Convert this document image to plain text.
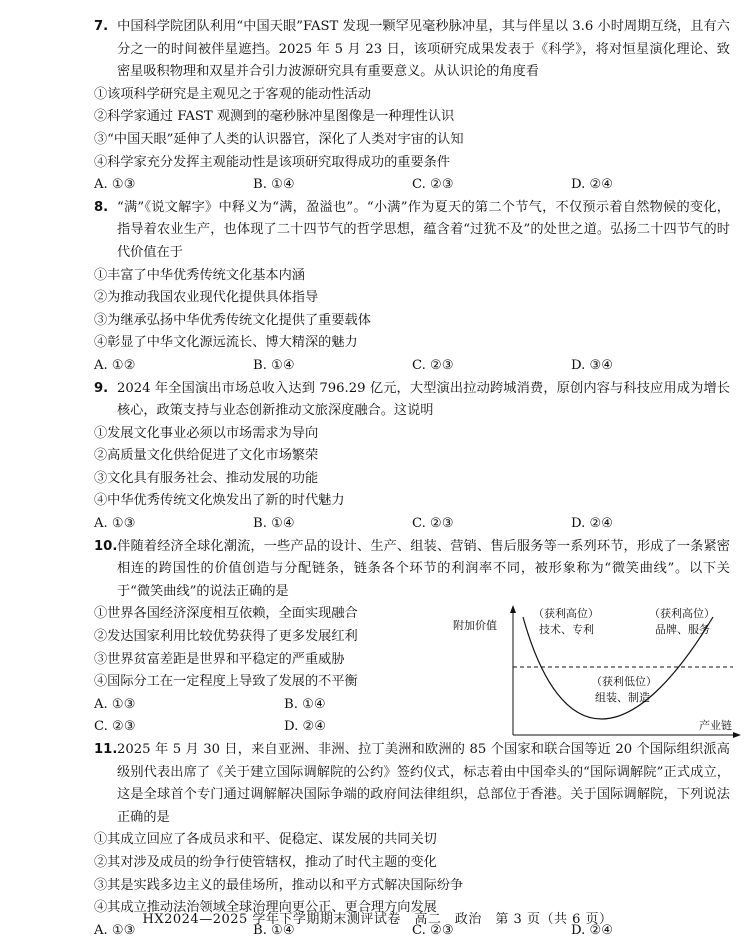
7. 中国科学院团队利用“中国天眼”FAST 发现一颗罕见毫秒脉冲星，其与伴星以 3.6 小时周期互绕，且有六分之一的时间被伴星遮挡。2025 年 5 月 23 日，该项研究成果发表于《科学》，将对恒星演化理论、致密星吸积物理和双星并合引力波源研究具有重要意义。从认识论的角度看
①该项科学研究是主观见之于客观的能动性活动
②科学家通过 FAST 观测到的毫秒脉冲星图像是一种理性认识
③“中国天眼”延伸了人类的认识器官，深化了人类对宇宙的认知
④科学家充分发挥主观能动性是该项研究取得成功的重要条件
A. ①③	B. ①④	C. ②③	D. ②④
8. “满”《说文解字》中释义为“满，盈溢也”。“小满”作为夏天的第二个节气，不仅预示着自然物候的变化，指导着农业生产，也体现了二十四节气的哲学思想，蕴含着“过犹不及”的处世之道。弘扬二十四节气的时代价值在于
①丰富了中华优秀传统文化基本内涵
②为推动我国农业现代化提供具体指导
③为继承弘扬中华优秀传统文化提供了重要载体
④彰显了中华文化源远流长、博大精深的魅力
A. ①②	B. ①④	C. ②③	D. ③④
9. 2024 年全国演出市场总收入达到 796.29 亿元，大型演出拉动跨城消费，原创内容与科技应用成为增长核心，政策支持与业态创新推动文旅深度融合。这说明
①发展文化事业必须以市场需求为导向
②高质量文化供给促进了文化市场繁荣
③文化具有服务社会、推动发展的功能
④中华优秀传统文化焕发出了新的时代魅力
A. ①③	B. ①④	C. ②③	D. ②④
10.伴随着经济全球化潮流，一些产品的设计、生产、组装、营销、售后服务等一系列环节，形成了一条紧密相连的跨国性的价值创造与分配链条，链条各个环节的利润率不同，被形象称为“微笑曲线”。以下关于“微笑曲线”的说法正确的是
①世界各国经济深度相互依赖，全面实现融合
②发达国家利用比较优势获得了更多发展红利
③世界贫富差距是世界和平稳定的严重威胁
④国际分工在一定程度上导致了发展的不平衡
A. ①③	B. ①④
C. ②③	D. ②④
附加价值
产业链
（获利高位）
技术、专利
（获利高位）
品牌、服务
（获利低位）
组装、制造
11.2025 年 5 月 30 日，来自亚洲、非洲、拉丁美洲和欧洲的 85 个国家和联合国等近 20 个国际组织派高级别代表出席了《关于建立国际调解院的公约》签约仪式，标志着由中国牵头的“国际调解院”正式成立，这是全球首个专门通过调解解决国际争端的政府间法律组织，总部位于香港。关于国际调解院，下列说法正确的是
①其成立回应了各成员求和平、促稳定、谋发展的共同关切
②其对涉及成员的纷争行使管辖权，推动了时代主题的变化
③其是实践多边主义的最佳场所，推动以和平方式解决国际纷争
④其成立推动法治领域全球治理向更公正、更合理方向发展
A. ①③	B. ①④	C. ②③	D. ②④
HX2024—2025 学年下学期期末测评试卷　高二　政治　第 3 页（共 6 页）
